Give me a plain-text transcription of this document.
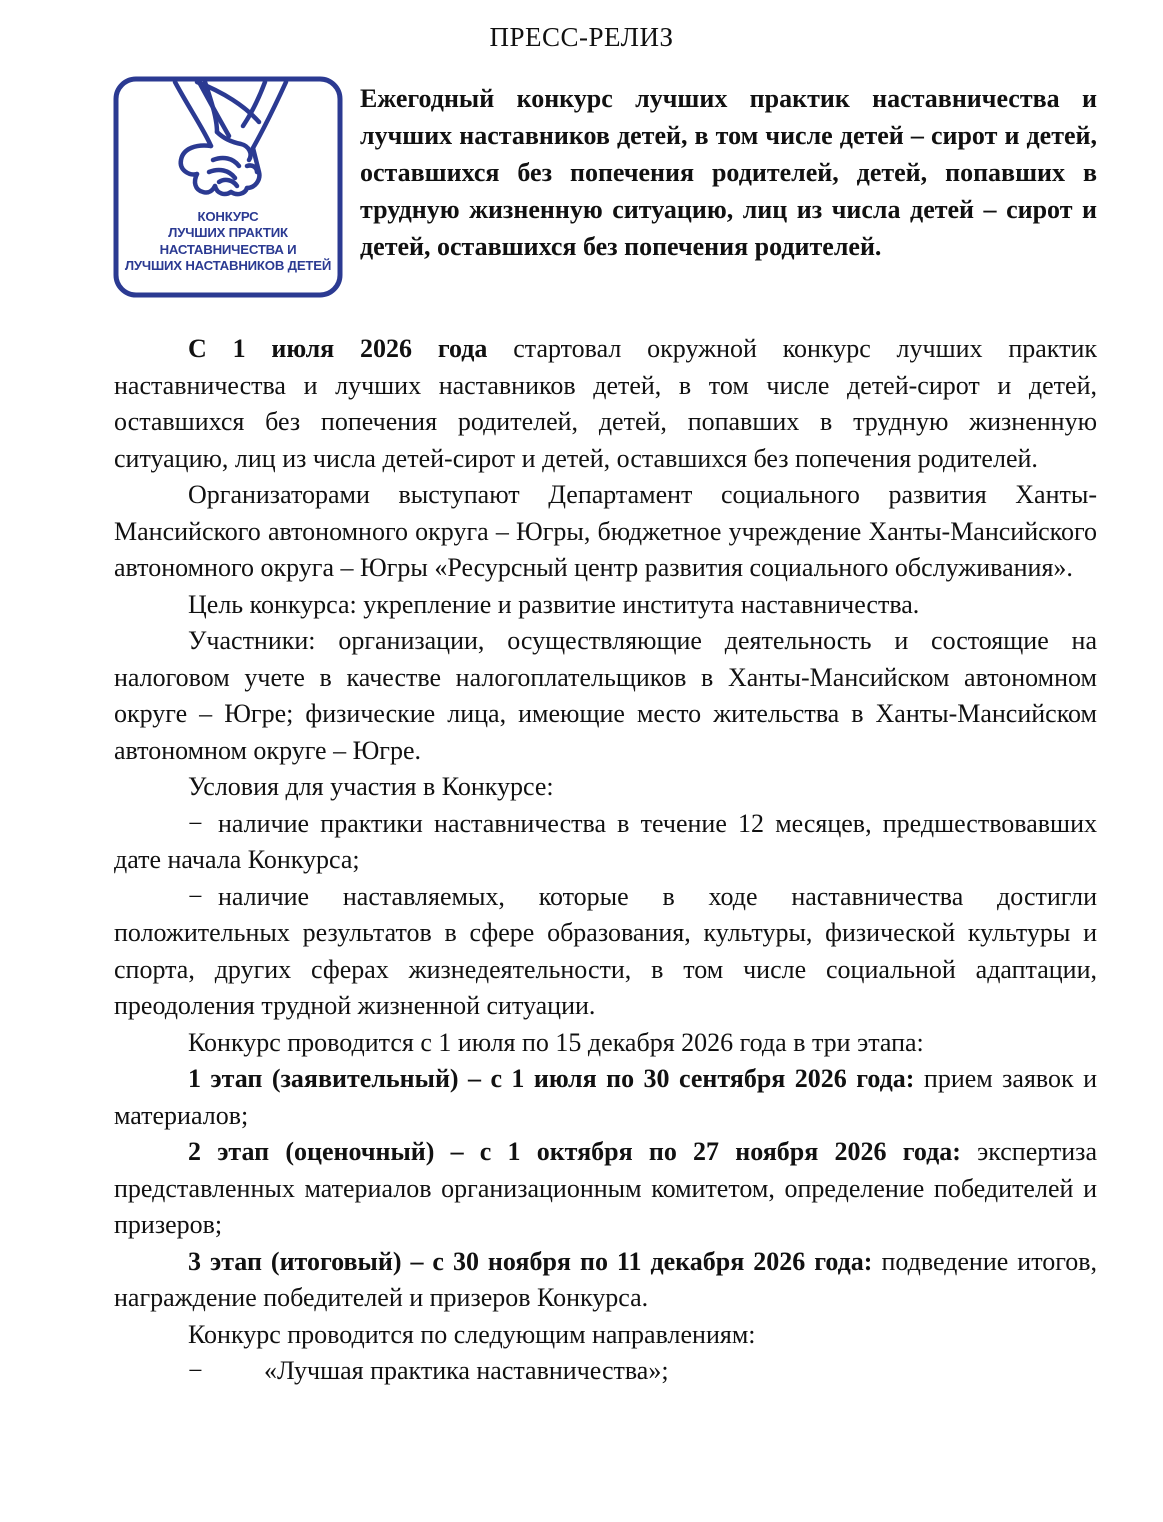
ПРЕСС-РЕЛИЗ
КОНКУРС
ЛУЧШИХ ПРАКТИК
НАСТАВНИЧЕСТВА И
ЛУЧШИХ НАСТАВНИКОВ ДЕТЕЙ
Ежегодный конкурс лучших практик наставничества и лучших наставников детей, в том числе детей – сирот и детей, оставшихся без попечения родителей, детей, попавших в трудную жизненную ситуацию, лиц из числа детей – сирот и детей, оставшихся без попечения родителей.

С 1 июля 2026 года стартовал окружной конкурс лучших практик наставничества и лучших наставников детей, в том числе детей-сирот и детей, оставшихся без попечения родителей, детей, попавших в трудную жизненную ситуацию, лиц из числа детей-сирот и детей, оставшихся без попечения родителей.

Организаторами выступают Департамент социального развития Ханты-Мансийского автономного округа – Югры, бюджетное учреждение Ханты-Мансийского автономного округа – Югры «Ресурсный центр развития социального обслуживания».

Цель конкурса: укрепление и развитие института наставничества.

Участники: организации, осуществляющие деятельность и состоящие на налоговом учете в качестве налогоплательщиков в Ханты-Мансийском автономном округе – Югре; физические лица, имеющие место жительства в Ханты-Мансийском автономном округе – Югре.

Условия для участия в Конкурсе:

− наличие практики наставничества в течение 12 месяцев, предшествовавших дате начала Конкурса;

− наличие наставляемых, которые в ходе наставничества достигли положительных результатов в сфере образования, культуры, физической культуры и спорта, других сферах жизнедеятельности, в том числе социальной адаптации, преодоления трудной жизненной ситуации.

Конкурс проводится с 1 июля по 15 декабря 2026 года в три этапа:

1 этап (заявительный) – с 1 июля по 30 сентября 2026 года: прием заявок и материалов;

2 этап (оценочный) – с 1 октября по 27 ноября 2026 года: экспертиза представленных материалов организационным комитетом, определение победителей и призеров;

3 этап (итоговый) – с 30 ноября по 11 декабря 2026 года: подведение итогов, награждение победителей и призеров Конкурса.

Конкурс проводится по следующим направлениям:

− «Лучшая практика наставничества»;
